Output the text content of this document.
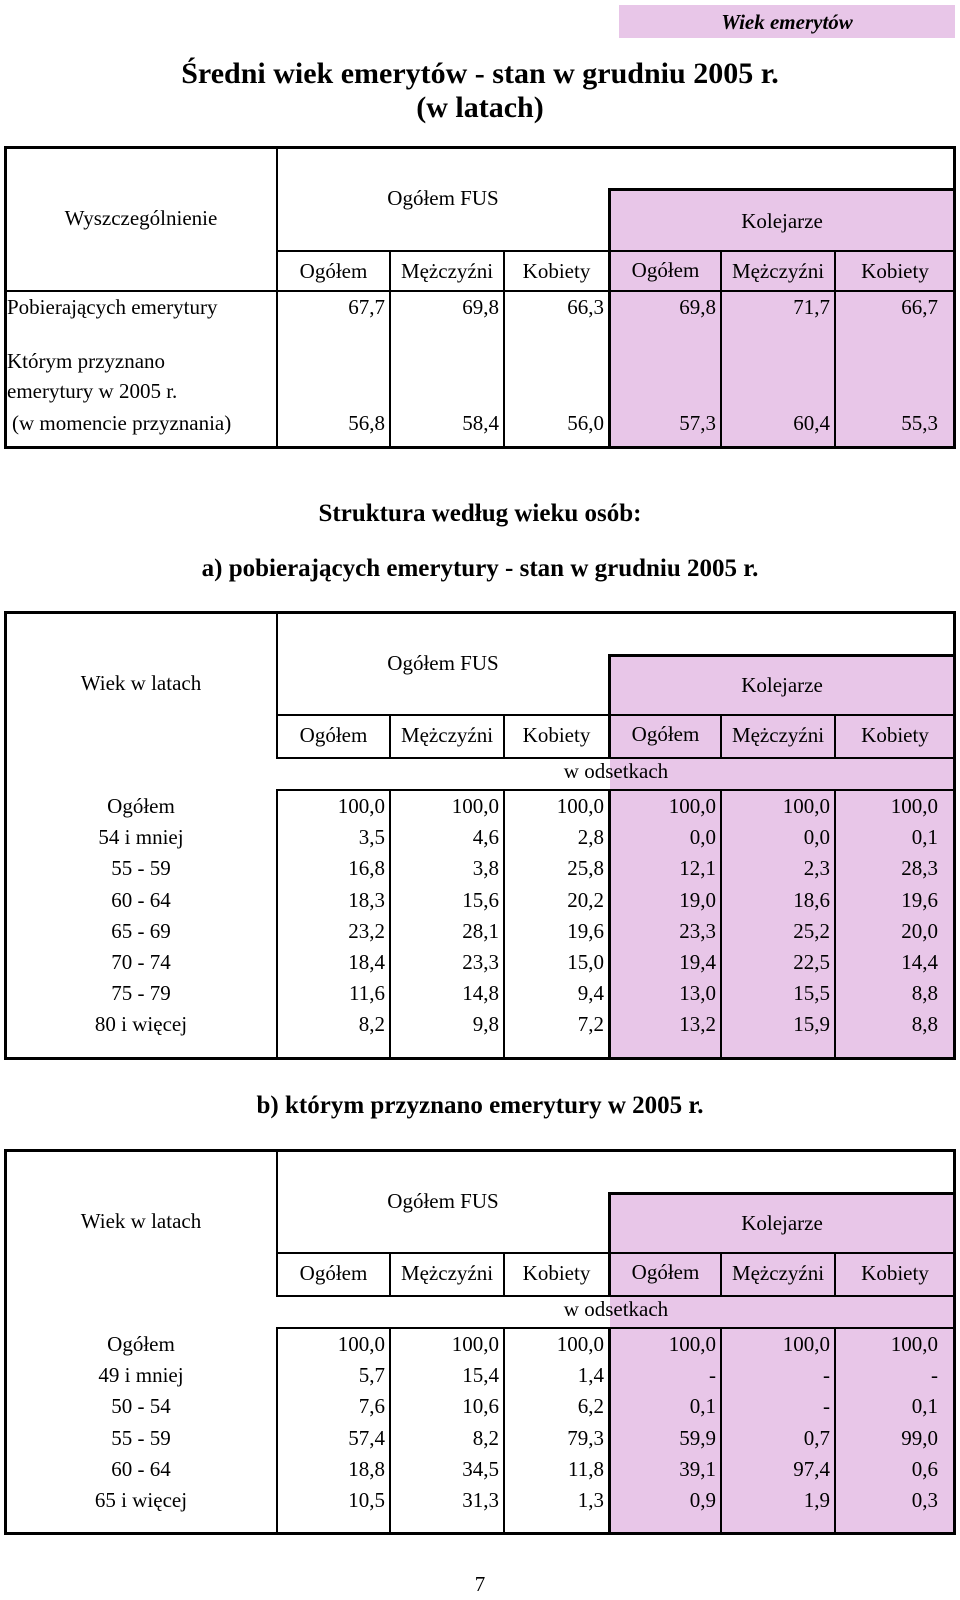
Wiek emerytów
Średni wiek emerytów - stan w grudniu 2005 r.
(w latach)
Wyszczególnienie
Ogółem FUS
Kolejarze
Ogółem	Mężczyźni	Kobiety	Ogółem	Mężczyźni	Kobiety
Pobierających emerytury	67,7	69,8	66,3	69,8	71,7	66,7
Którym przyznano
emerytury w 2005 r.
(w momencie przyznania)	56,8	58,4	56,0	57,3	60,4	55,3
Struktura według wieku osób:
a) pobierających emerytury - stan w grudniu 2005 r.
Wiek w latach
Ogółem FUS
Kolejarze
Ogółem	Mężczyźni	Kobiety	Ogółem	Mężczyźni	Kobiety
w odsetkach
Ogółem	100,0	100,0	100,0	100,0	100,0	100,0
54 i mniej	3,5	4,6	2,8	0,0	0,0	0,1
55 - 59	16,8	3,8	25,8	12,1	2,3	28,3
60 - 64	18,3	15,6	20,2	19,0	18,6	19,6
65 - 69	23,2	28,1	19,6	23,3	25,2	20,0
70 - 74	18,4	23,3	15,0	19,4	22,5	14,4
75 - 79	11,6	14,8	9,4	13,0	15,5	8,8
80 i więcej	8,2	9,8	7,2	13,2	15,9	8,8
b) którym przyznano emerytury w 2005 r.
Wiek w latach
Ogółem FUS
Kolejarze
Ogółem	Mężczyźni	Kobiety	Ogółem	Mężczyźni	Kobiety
w odsetkach
Ogółem	100,0	100,0	100,0	100,0	100,0	100,0
49 i mniej	5,7	15,4	1,4	-	-	-
50 - 54	7,6	10,6	6,2	0,1	-	0,1
55 - 59	57,4	8,2	79,3	59,9	0,7	99,0
60 - 64	18,8	34,5	11,8	39,1	97,4	0,6
65 i więcej	10,5	31,3	1,3	0,9	1,9	0,3
7
